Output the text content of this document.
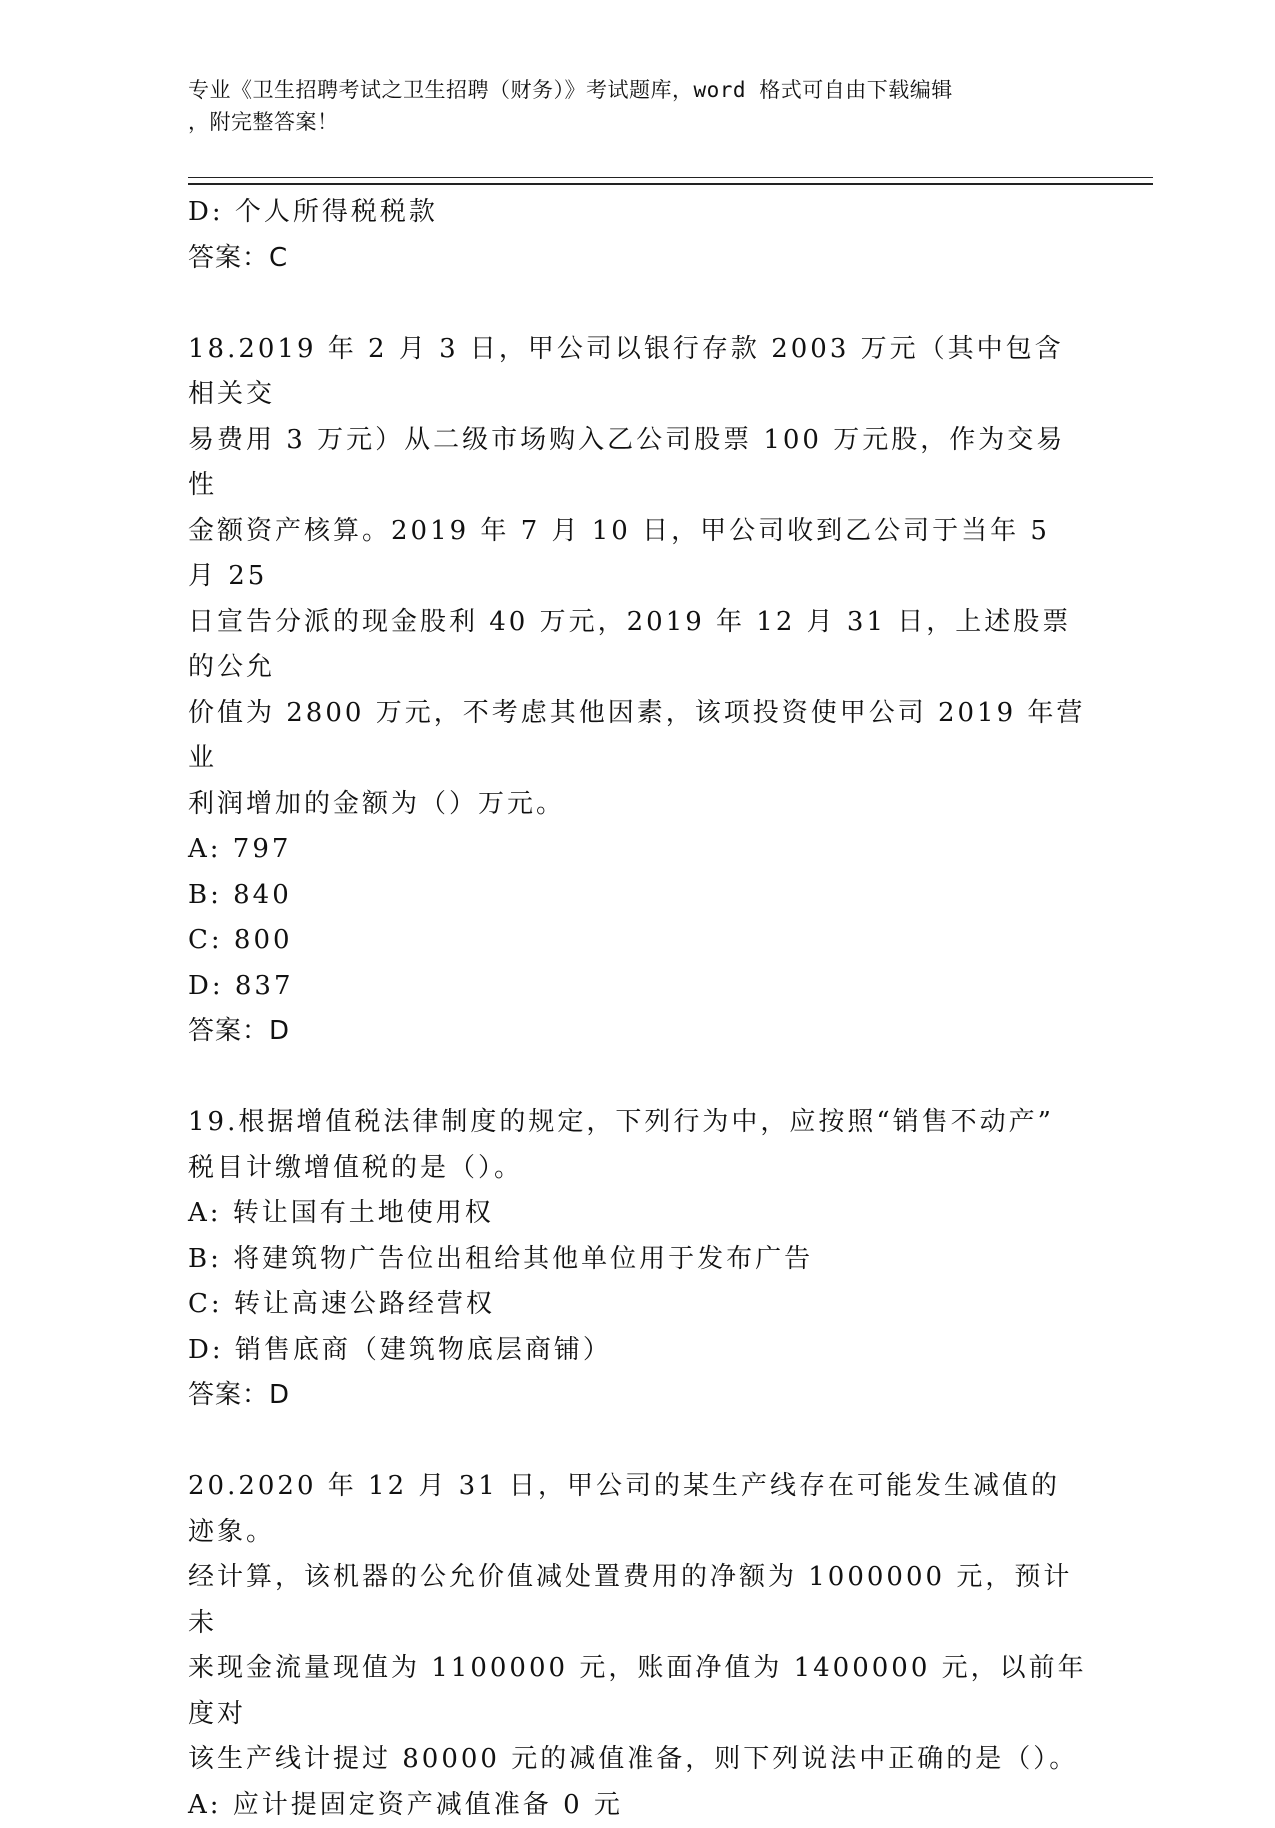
专业《卫生招聘考试之卫生招聘（财务）》考试题库，word 格式可自由下载编辑
，附完整答案！
D: 个人所得税税款
答案：C
18.2019 年 2 月 3 日，甲公司以银行存款 2003 万元（其中包含相关交
易费用 3 万元）从二级市场购入乙公司股票 100 万元股，作为交易性
金额资产核算。2019 年 7 月 10 日，甲公司收到乙公司于当年 5 月 25
日宣告分派的现金股利 40 万元，2019 年 12 月 31 日，上述股票的公允
价值为 2800 万元，不考虑其他因素，该项投资使甲公司 2019 年营业
利润增加的金额为（）万元。
A: 797
B: 840
C: 800
D: 837
答案：D
19.根据增值税法律制度的规定，下列行为中，应按照“销售不动产”
税目计缴增值税的是（）。
A: 转让国有土地使用权
B: 将建筑物广告位出租给其他单位用于发布广告
C: 转让高速公路经营权
D: 销售底商（建筑物底层商铺）
答案：D
20.2020 年 12 月 31 日，甲公司的某生产线存在可能发生减值的迹象。
经计算，该机器的公允价值减处置费用的净额为 1000000 元，预计未
来现金流量现值为 1100000 元，账面净值为 1400000 元，以前年度对
该生产线计提过 80000 元的减值准备，则下列说法中正确的是（）。
A: 应计提固定资产减值准备 0 元
